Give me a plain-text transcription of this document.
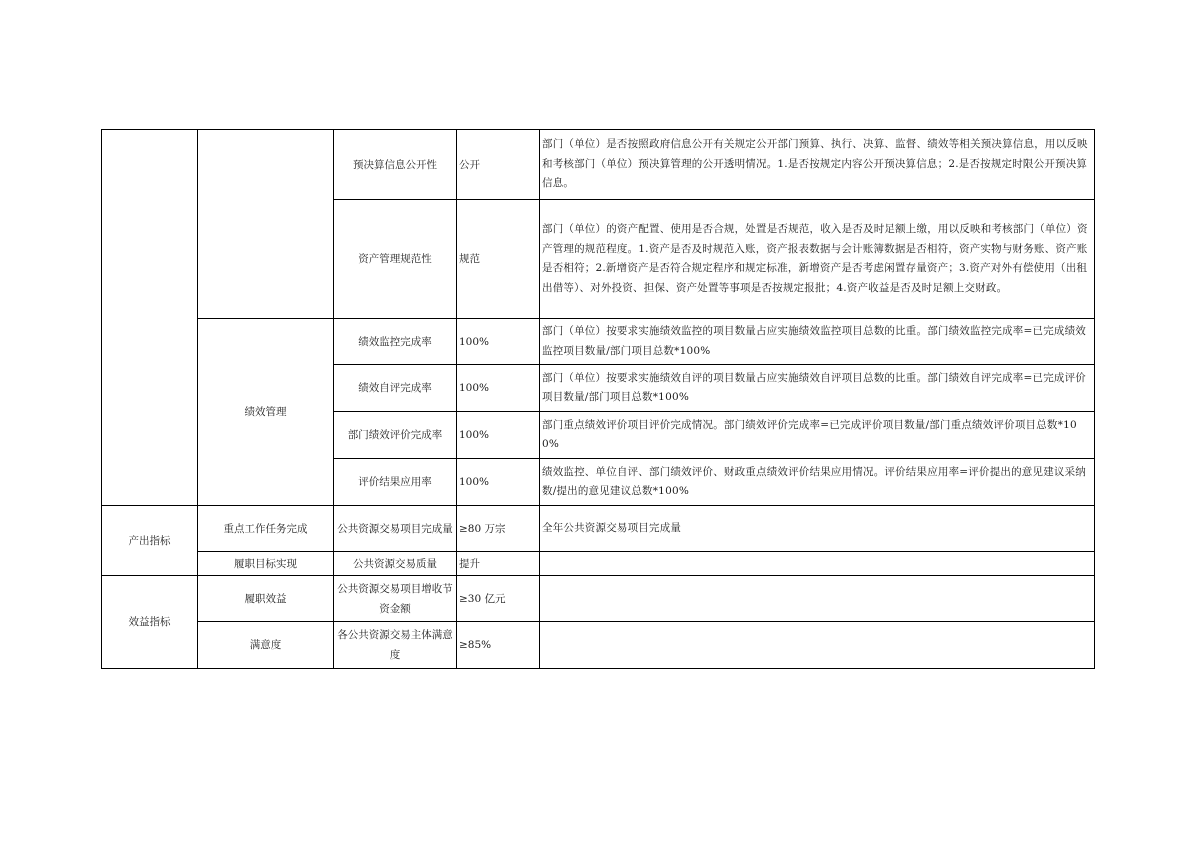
		预决算信息公开性	公开	部门（单位）是否按照政府信息公开有关规定公开部门预算、执行、决算、监督、绩效等相关预决算信息，用以反映和考核部门（单位）预决算管理的公开透明情况。1.是否按规定内容公开预决算信息；2.是否按规定时限公开预决算信息。
		资产管理规范性	规范	部门（单位）的资产配置、使用是否合规，处置是否规范，收入是否及时足额上缴，用以反映和考核部门（单位）资产管理的规范程度。1.资产是否及时规范入账，资产报表数据与会计账簿数据是否相符，资产实物与财务账、资产账是否相符；2.新增资产是否符合规定程序和规定标准，新增资产是否考虑闲置存量资产；3.资产对外有偿使用（出租出借等）、对外投资、担保、资产处置等事项是否按规定报批；4.资产收益是否及时足额上交财政。
	绩效管理	绩效监控完成率	100%	部门（单位）按要求实施绩效监控的项目数量占应实施绩效监控项目总数的比重。部门绩效监控完成率=已完成绩效监控项目数量/部门项目总数*100%
		绩效自评完成率	100%	部门（单位）按要求实施绩效自评的项目数量占应实施绩效自评项目总数的比重。部门绩效自评完成率=已完成评价项目数量/部门项目总数*100%
		部门绩效评价完成率	100%	部门重点绩效评价项目评价完成情况。部门绩效评价完成率=已完成评价项目数量/部门重点绩效评价项目总数*100%
		评价结果应用率	100%	绩效监控、单位自评、部门绩效评价、财政重点绩效评价结果应用情况。评价结果应用率=评价提出的意见建议采纳数/提出的意见建议总数*100%
产出指标	重点工作任务完成	公共资源交易项目完成量	≥80 万宗	全年公共资源交易项目完成量
	履职目标实现	公共资源交易质量	提升	
效益指标	履职效益	公共资源交易项目增收节资金额	≥30 亿元	
	满意度	各公共资源交易主体满意度	≥85%	
